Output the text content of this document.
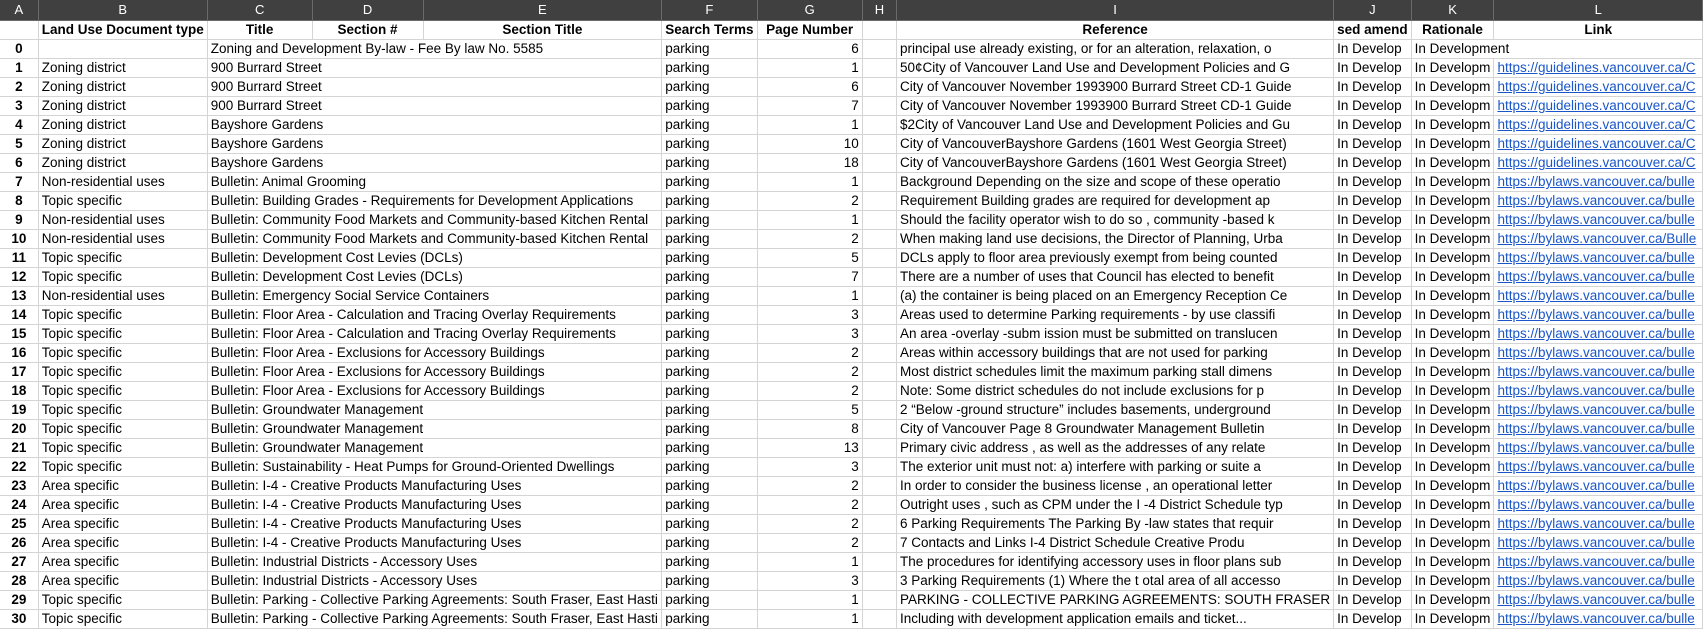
A	B	C	D	E	F	G	H	I	J	K	L
	Land Use Document type	Title	Section #	Section Title	Search Terms	Page Number		Reference	sed amend	Rationale	Link
0		Zoning and Development By-law - Fee By law No. 5585			parking	6		principal use already existing, or for an alteration, relaxation, o	In Develop	In Development	
1	Zoning district	900 Burrard Street			parking	1		50¢City of Vancouver Land Use and Development Policies and G	In Develop	In Developm	https://guidelines.vancouver.ca/C
2	Zoning district	900 Burrard Street			parking	6		City of Vancouver November 1993900 Burrard Street CD-1 Guide	In Develop	In Developm	https://guidelines.vancouver.ca/C
3	Zoning district	900 Burrard Street			parking	7		City of Vancouver November 1993900 Burrard Street CD-1 Guide	In Develop	In Developm	https://guidelines.vancouver.ca/C
4	Zoning district	Bayshore Gardens			parking	1		$2City of Vancouver Land Use and Development Policies and Gu	In Develop	In Developm	https://guidelines.vancouver.ca/C
5	Zoning district	Bayshore Gardens			parking	10		City of VancouverBayshore Gardens (1601 West Georgia Street)	In Develop	In Developm	https://guidelines.vancouver.ca/C
6	Zoning district	Bayshore Gardens			parking	18		City of VancouverBayshore Gardens (1601 West Georgia Street)	In Develop	In Developm	https://guidelines.vancouver.ca/C
7	Non-residential uses	Bulletin: Animal Grooming			parking	1		Background Depending on the size and scope of these operatio	In Develop	In Developm	https://bylaws.vancouver.ca/bulle
8	Topic specific	Bulletin: Building Grades - Requirements for Development Applications			parking	2		Requirement Building grades are required for development ap	In Develop	In Developm	https://bylaws.vancouver.ca/bulle
9	Non-residential uses	Bulletin: Community Food Markets and Community-based Kitchen Rental			parking	1		Should the facility operator wish to do so , community -based k	In Develop	In Developm	https://bylaws.vancouver.ca/bulle
10	Non-residential uses	Bulletin: Community Food Markets and Community-based Kitchen Rental			parking	2		When making land use decisions, the Director of Planning, Urba	In Develop	In Developm	https://bylaws.vancouver.ca/Bulle
11	Topic specific	Bulletin: Development Cost Levies (DCLs)			parking	5		DCLs apply to floor area previously exempt from being counted	In Develop	In Developm	https://bylaws.vancouver.ca/bulle
12	Topic specific	Bulletin: Development Cost Levies (DCLs)			parking	7		There are a number of uses that Council has elected to benefit	In Develop	In Developm	https://bylaws.vancouver.ca/bulle
13	Non-residential uses	Bulletin: Emergency Social Service Containers			parking	1		(a) the container is being placed on an Emergency Reception Ce	In Develop	In Developm	https://bylaws.vancouver.ca/bulle
14	Topic specific	Bulletin: Floor Area - Calculation and Tracing Overlay Requirements			parking	3		Areas used to determine Parking requirements - by use classifi	In Develop	In Developm	https://bylaws.vancouver.ca/bulle
15	Topic specific	Bulletin: Floor Area - Calculation and Tracing Overlay Requirements			parking	3		An area -overlay -subm ission must be submitted on translucen	In Develop	In Developm	https://bylaws.vancouver.ca/bulle
16	Topic specific	Bulletin: Floor Area - Exclusions for Accessory Buildings			parking	2		Areas within accessory buildings that are not used for parking	In Develop	In Developm	https://bylaws.vancouver.ca/bulle
17	Topic specific	Bulletin: Floor Area - Exclusions for Accessory Buildings			parking	2		Most district schedules limit the maximum parking stall dimens	In Develop	In Developm	https://bylaws.vancouver.ca/bulle
18	Topic specific	Bulletin: Floor Area - Exclusions for Accessory Buildings			parking	2		Note: Some district schedules do not include exclusions for p	In Develop	In Developm	https://bylaws.vancouver.ca/bulle
19	Topic specific	Bulletin: Groundwater Management			parking	5		2 “Below -ground structure” includes basements, underground	In Develop	In Developm	https://bylaws.vancouver.ca/bulle
20	Topic specific	Bulletin: Groundwater Management			parking	8		City of Vancouver Page 8 Groundwater Management Bulletin	In Develop	In Developm	https://bylaws.vancouver.ca/bulle
21	Topic specific	Bulletin: Groundwater Management			parking	13		Primary civic address , as well as the addresses of any relate	In Develop	In Developm	https://bylaws.vancouver.ca/bulle
22	Topic specific	Bulletin: Sustainability - Heat Pumps for Ground-Oriented Dwellings			parking	3		The exterior unit must not: a) interfere with parking or suite a	In Develop	In Developm	https://bylaws.vancouver.ca/bulle
23	Area specific	Bulletin: I-4 - Creative Products Manufacturing Uses			parking	2		In order to consider the business license , an operational letter	In Develop	In Developm	https://bylaws.vancouver.ca/bulle
24	Area specific	Bulletin: I-4 - Creative Products Manufacturing Uses			parking	2		Outright uses , such as CPM under the I -4 District Schedule typ	In Develop	In Developm	https://bylaws.vancouver.ca/bulle
25	Area specific	Bulletin: I-4 - Creative Products Manufacturing Uses			parking	2		6 Parking Requirements The Parking By -law states that requir	In Develop	In Developm	https://bylaws.vancouver.ca/bulle
26	Area specific	Bulletin: I-4 - Creative Products Manufacturing Uses			parking	2		7 Contacts and Links I-4 District Schedule Creative Produ	In Develop	In Developm	https://bylaws.vancouver.ca/bulle
27	Area specific	Bulletin: Industrial Districts - Accessory Uses			parking	1		The procedures for identifying accessory uses in floor plans sub	In Develop	In Developm	https://bylaws.vancouver.ca/bulle
28	Area specific	Bulletin: Industrial Districts - Accessory Uses			parking	3		3 Parking Requirements (1) Where the t otal area of all accesso	In Develop	In Developm	https://bylaws.vancouver.ca/bulle
29	Topic specific	Bulletin: Parking - Collective Parking Agreements: South Fraser, East Hasti			parking	1		PARKING - COLLECTIVE PARKING AGREEMENTS: SOUTH FRASER	In Develop	In Developm	https://bylaws.vancouver.ca/bulle
30	Topic specific	Bulletin: Parking - Collective Parking Agreements: South Fraser, East Hasti			parking	1		Including with development application emails and ticket...	In Develop	In Developm	https://bylaws.vancouver.ca/bulle
